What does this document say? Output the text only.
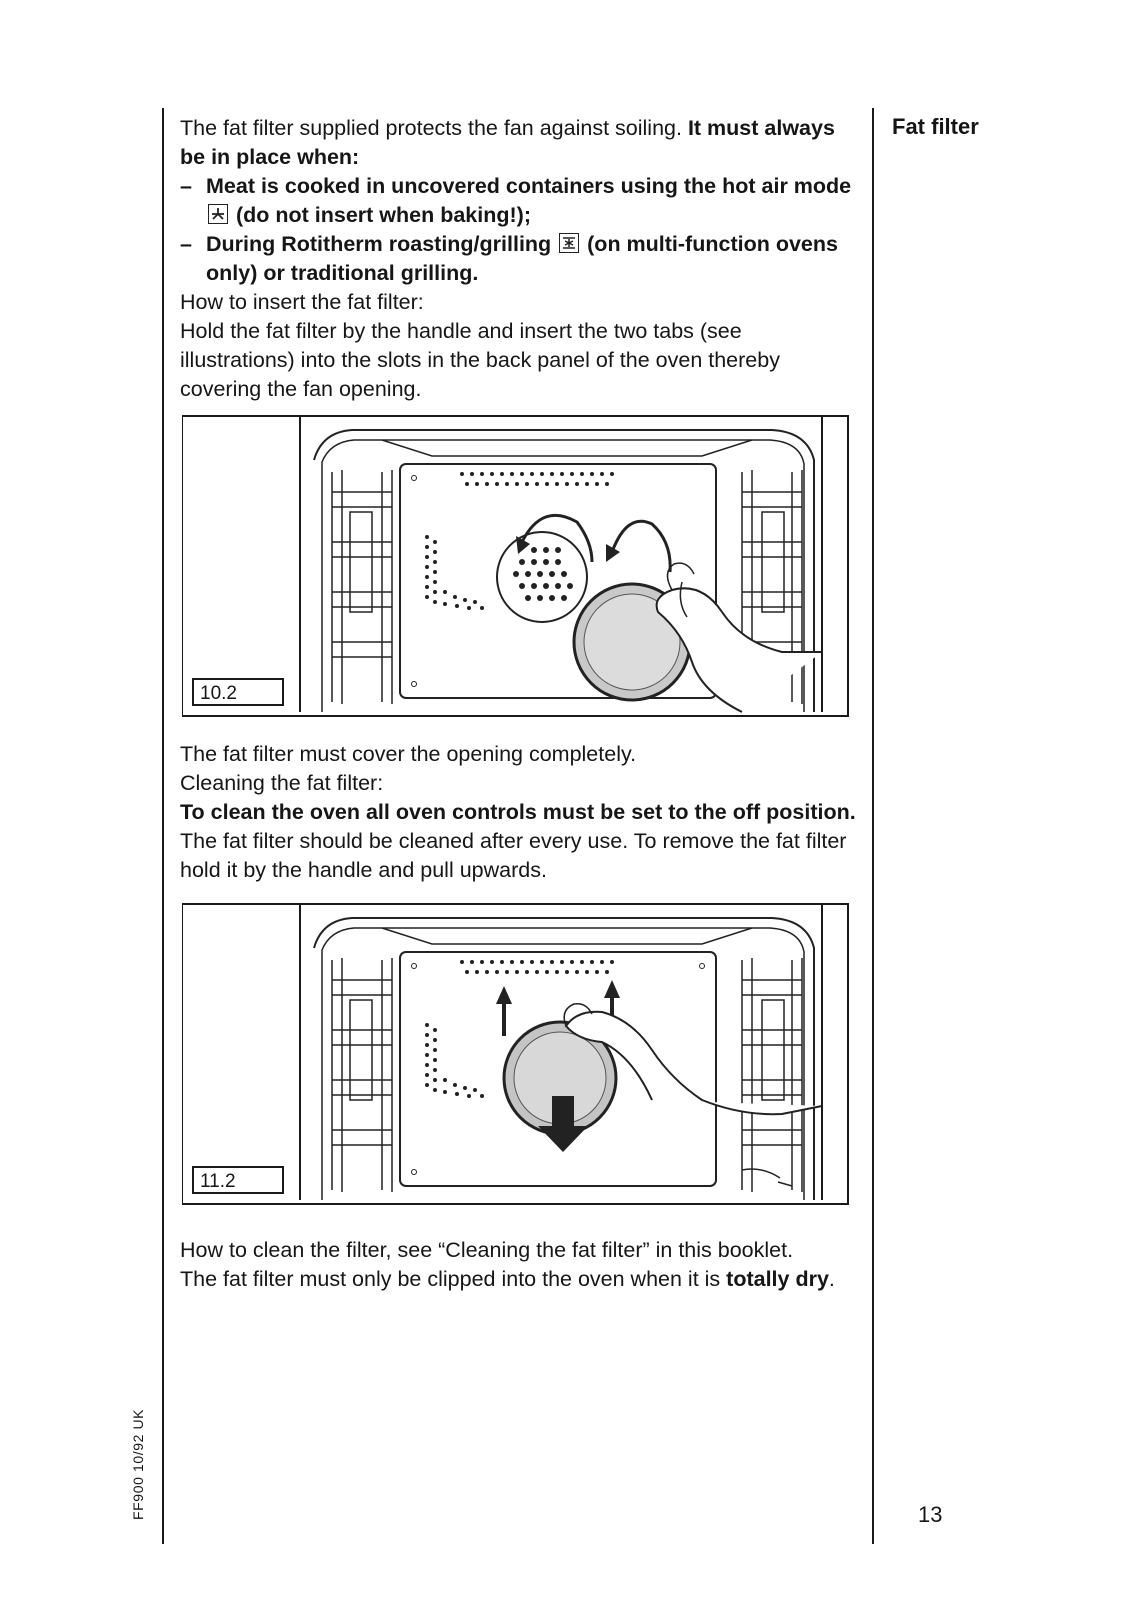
Fat filter

The fat filter supplied protects the fan against soiling. It must always be in place when:

– Meat is cooked in uncovered containers using the hot air mode
(do not insert when baking!);
– During Rotitherm roasting/grilling
(on multi-function ovens only) or traditional grilling.

How to insert the fat filter:

Hold the fat filter by the handle and insert the two tabs (see illustrations) into the slots in the back panel of the oven thereby covering the fan opening.

10.2

The fat filter must cover the opening completely.

Cleaning the fat filter:

To clean the oven all oven controls must be set to the off position. The fat filter should be cleaned after every use. To remove the fat filter hold it by the handle and pull upwards.

11.2

How to clean the filter, see “Cleaning the fat filter” in this booklet.

The fat filter must only be clipped into the oven when it is totally dry.

FF900 10/92 UK	13
